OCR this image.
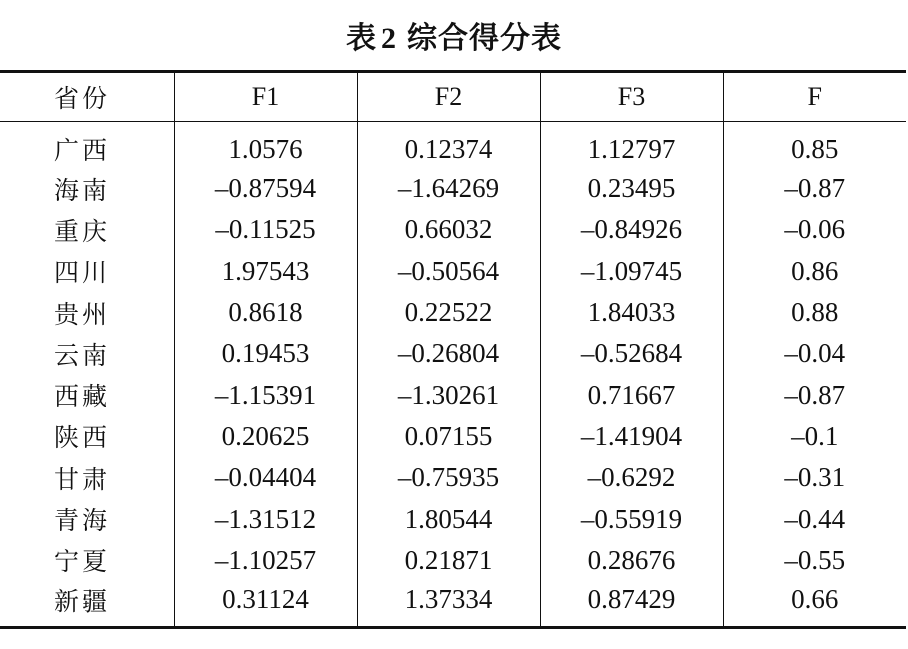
表 2 综合得分表
省份	F1	F2	F3	F
广西	1.0576	0.12374	1.12797	0.85
海南	–0.87594	–1.64269	0.23495	–0.87
重庆	–0.11525	0.66032	–0.84926	–0.06
四川	1.97543	–0.50564	–1.09745	0.86
贵州	0.8618	0.22522	1.84033	0.88
云南	0.19453	–0.26804	–0.52684	–0.04
西藏	–1.15391	–1.30261	0.71667	–0.87
陕西	0.20625	0.07155	–1.41904	–0.1
甘肃	–0.04404	–0.75935	–0.6292	–0.31
青海	–1.31512	1.80544	–0.55919	–0.44
宁夏	–1.10257	0.21871	0.28676	–0.55
新疆	0.31124	1.37334	0.87429	0.66
